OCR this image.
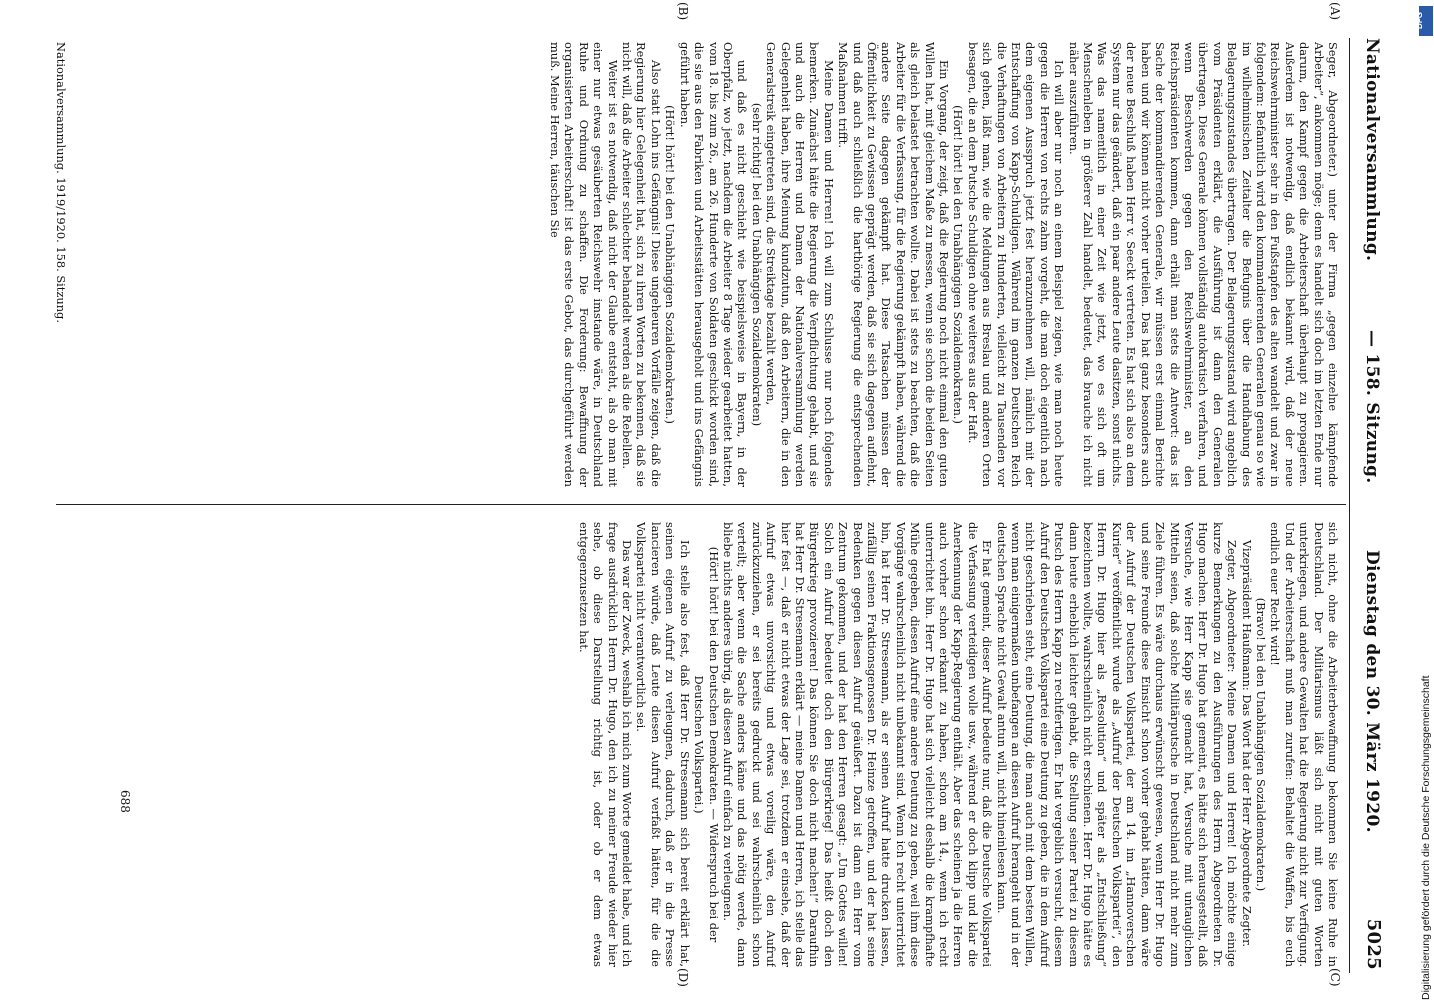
Nationalversammlung.
— 158. Sitzung.
Dienstag den 30. März 1920.
5025
(A)
(B)
(C)
(D)

Seger, Abgeordneter.) unter der Firma „gegen einzelne kämpfende Arbeiter“, ankommen möge; denn es handelt sich doch im letzten Ende nur darum, den Kampf gegen die Arbeiterschaft überhaupt zu propagieren. Außerdem ist notwendig, daß endlich bekannt wird, daß der neue Reichswehrminister sehr in den Fußstapfen des alten wandelt und zwar in folgendem: Befanntlich wird den kommandierenden Generalen genau so wie im wilhelminischen Zeitalter die Befugnis über die Handhabung des Belagerungszustandes übertragen. Der Belagerungszustand wird angeblich vom Präsidenten erklärt, die Ausführung ist dann den Generalen übertragen. Diese Generale können vollständig autokratisch verfahren, und wenn Beschwerden gegen den Reichswehrminister, an den Reichspräsidenten kommen, dann erhält man stets die Antwort: das ist Sache der kommandierenden Generale, wir müssen erst einmal Berichte haben und wir können nicht vorher urteilen. Das hat ganz besonders auch der neue Beschluß haben Herr v. Seeckt vertreten. Es hat sich also an dem System nur das geändert, daß ein paar andere Leute dasitzen, sonst nichts. Was das namentlich in einer Zeit wie jetzt, wo es sich oft um Menschenleben in größerer Zahl handelt, bedeutet, das brauche ich nicht näher auszuführen.

Ich will aber nur noch an einem Beispiel zeigen, wie man noch heute gegen die Herren von rechts zahm vorgeht, die man doch eigentlich nach dem eigenen Ausspruch jetzt fest heranzunehmen will, nämlich mit der Entschaffung von Kapp-Schuldigen. Während im ganzen Deutschen Reich die Verhaftungen von Arbeitern zu Hunderten, vielleicht zu Tausenden vor sich gehen, läßt man, wie die Meldungen aus Breslau und anderen Orten besagen, die an dem Putsche Schuldigen ohne weiteres aus der Haft.

(Hört! hört! bei den Unabhängigen Sozialdemokraten.)

Ein Vorgang, der zeigt, daß die Regierung noch nicht einmal den guten Willen hat, mit gleichem Maße zu messen, wenn sie schon die beiden Seiten als gleich belastet betrachten wollte. Dabei ist stets zu beachten, daß die Arbeiter für die Verfassung, für die Regierung gekämpft haben, während die andere Seite dagegen gekämpft hat. Diese Tatsachen müssen der Öffentlichkeit zu Gewissen geprägt werden, daß sie sich dagegen auflehnt, und daß auch schließlich die harthörige Regierung die entsprechenden Maßnahmen trifft.

Meine Damen und Herren! Ich will zum Schlusse nur noch folgendes bemerken. Zunächst hätte die Regierung die Verpflichtung gehabt, und sie und auch die Herren und Damen der Nationalversammlung werden Gelegenheit haben, ihre Meinung kundzutun, daß den Arbeitern, die in den Generalstreik eingetreten sind, die Streiktage bezahlt werden,

(sehr richtig! bei den Unabhängigen Sozialdemokraten)

und daß es nicht geschieht wie beispielsweise in Bayern, in der Oberpfalz, wo jetzt, nachdem die Arbeiter 8 Tage wieder gearbeitet hatten, vom 18. bis zum 26., am 26. Hunderte von Soldaten geschickt worden sind, die sie aus den Fabriken und Arbeitsstätten herausgeholt und ins Gefängnis geführt haben.

(Hört! hört! bei den Unabhängigen Sozialdemokraten.)

Also statt Lohn ins Gefängnis! Diese ungeheuren Vorfälle zeigen, daß die Regierung hier Gelegenheit hat, sich zu ihren Worten zu bekennen, daß sie nicht will, daß die Arbeiter schlechter behandelt werden als die Rebellen.

Weiter ist es notwendig, daß nicht der Glaube entsteht, als ob man mit einer nur etwas gesäuberten Reichswehr imstande wäre, in Deutschland Ruhe und Ordnung zu schaffen. Die Forderung: Bewaffnung der organisierten Arbeiterschaft! ist das erste Gebot, das durchgeführt werden muß. Meine Herren, täuschen Sie

sich nicht, ohne die Arbeiterbewaffnung bekommen Sie keine Ruhe in Deutschland. Der Militarismus läßt sich nicht mit guten Worten unterkriegen, und andere Gewalten hat die Regierung nicht zur Verfügung. Und der Arbeiterschaft muß man zurufen: Behaltet die Waffen, bis euch endlich euer Recht wird!

(Bravo! bei den Unabhängigen Sozialdemokraten.)

Vizepräsident Haußmann: Das Wort hat der Herr Abgeordnete Zegter.

Zegter, Abgeordneter: Meine Damen und Herren! Ich möchte einige kurze Bemerkungen zu den Ausführungen des Herrn Abgeordneten Dr. Hugo machen. Herr Dr. Hugo hat gemeint, es hätte sich herausgestellt, daß Versuche, wie Herr Kapp sie gemacht hat, Versuche mit untauglichen Mitteln seien, daß solche Militärputsche in Deutschland nicht mehr zum Ziele führen. Es wäre durchaus erwünscht gewesen, wenn Herr Dr. Hugo und seine Freunde diese Einsicht schon vorher gehabt hätten, dann wäre der Aufruf der Deutschen Volkspartei, der am 14. im „Hannoverschen Kurier“ veröffentlicht wurde als „Aufruf der Deutschen Volkspartei“, den Herrn Dr. Hugo hier als „Resolution“ und später als „Entschließung“ bezeichnen wollte, wahrscheinlich nicht erschienen. Herr Dr. Hugo hätte es dann heute erheblich leichter gehabt, die Stellung seiner Partei zu diesem Putsch des Herrn Kapp zu rechtfertigen. Er hat vergeblich versucht, diesem Aufruf den Deutschen Volkspartei eine Deutung zu geben, die in dem Aufruf nicht geschrieben steht, eine Deutung, die man auch mit dem besten Willen, wenn man einigermaßen unbefangen an diesen Aufruf herangeht und in der deutschen Sprache nicht Gewalt antun will, nicht hineinlesen kann.

Er hat gemeint, dieser Aufruf bedeute nur, daß die Deutsche Volkspartei die Verfassung verteidigen wolle usw., während er doch klipp und klar die Anerkennung der Kapp-Regierung enthält. Aber das scheinen ja die Herren auch vorher schon erkannt zu haben, schon am 14., wenn ich recht unterrichtet bin. Herr Dr. Hugo hat sich vielleicht deshalb die krampfhafte Mühe gegeben, diesen Aufruf eine andere Deutung zu geben, weil ihm diese Vorgänge wahrscheinlich nicht unbekannt sind. Wenn ich recht unterrichtet bin, hat Herr Dr. Stresemann, als er seinen Aufruf hatte drucken lassen, zufällig seinen Fraktionsgenossen Dr. Heinze getroffen, und der hat seine Bedenken gegen diesen Aufruf geäußert. Dazu ist dann ein Herr vom Zentrum gekommen, und der hat den Herren gesagt: „Um Gottes willen! Solch ein Aufruf bedeutet doch den Bürgerkrieg! Das heißt doch den Bürgerkrieg provozieren! Das können Sie doch nicht machen!“ Daraufhin hat Herr Dr. Stresemann erklärt — meine Damen und Herren, ich stelle das hier fest —, daß er nicht etwas der Lage sei, trotzdem er einsehe, daß der Aufruf etwas unvorsichtig und etwas voreilig wäre, den Aufruf zurückzuziehen, er sei bereits gedruckt und sei wahrscheinlich schon verteilt; aber wenn die Sache anders käme und das nötig werde, dann bliebe nichts anderes übrig, als diesen Aufruf einfach zu verleugnen.

(Hört! hört! bei den Deutschen Demokraten. — Widerspruch bei der Deutschen Volkspartei.)

Ich stelle also fest, daß Herr Dr. Stresemann sich bereit erklärt hat, seinen eigenen Aufruf zu verleugnen, dadurch, daß er in die Presse lancieren würde, daß Leute diesen Aufruf verfaßt hätten, für die die Volkspartei nicht verantwortlich sei.

Das war der Zweck, weshalb ich mich zum Worte gemeldet habe, und ich frage ausdrücklich Herrn Dr. Hugo, den ich zu meiner Freude wieder hier sehe, ob diese Darstellung richtig ist, oder ob er dem etwas entgegenzusetzen hat.

Nationalversammlung. 1919/1920. 158. Sitzung.
688	Digitalisierung gefördert durch die Deutsche Forschungsgemeinschaft
DFG
